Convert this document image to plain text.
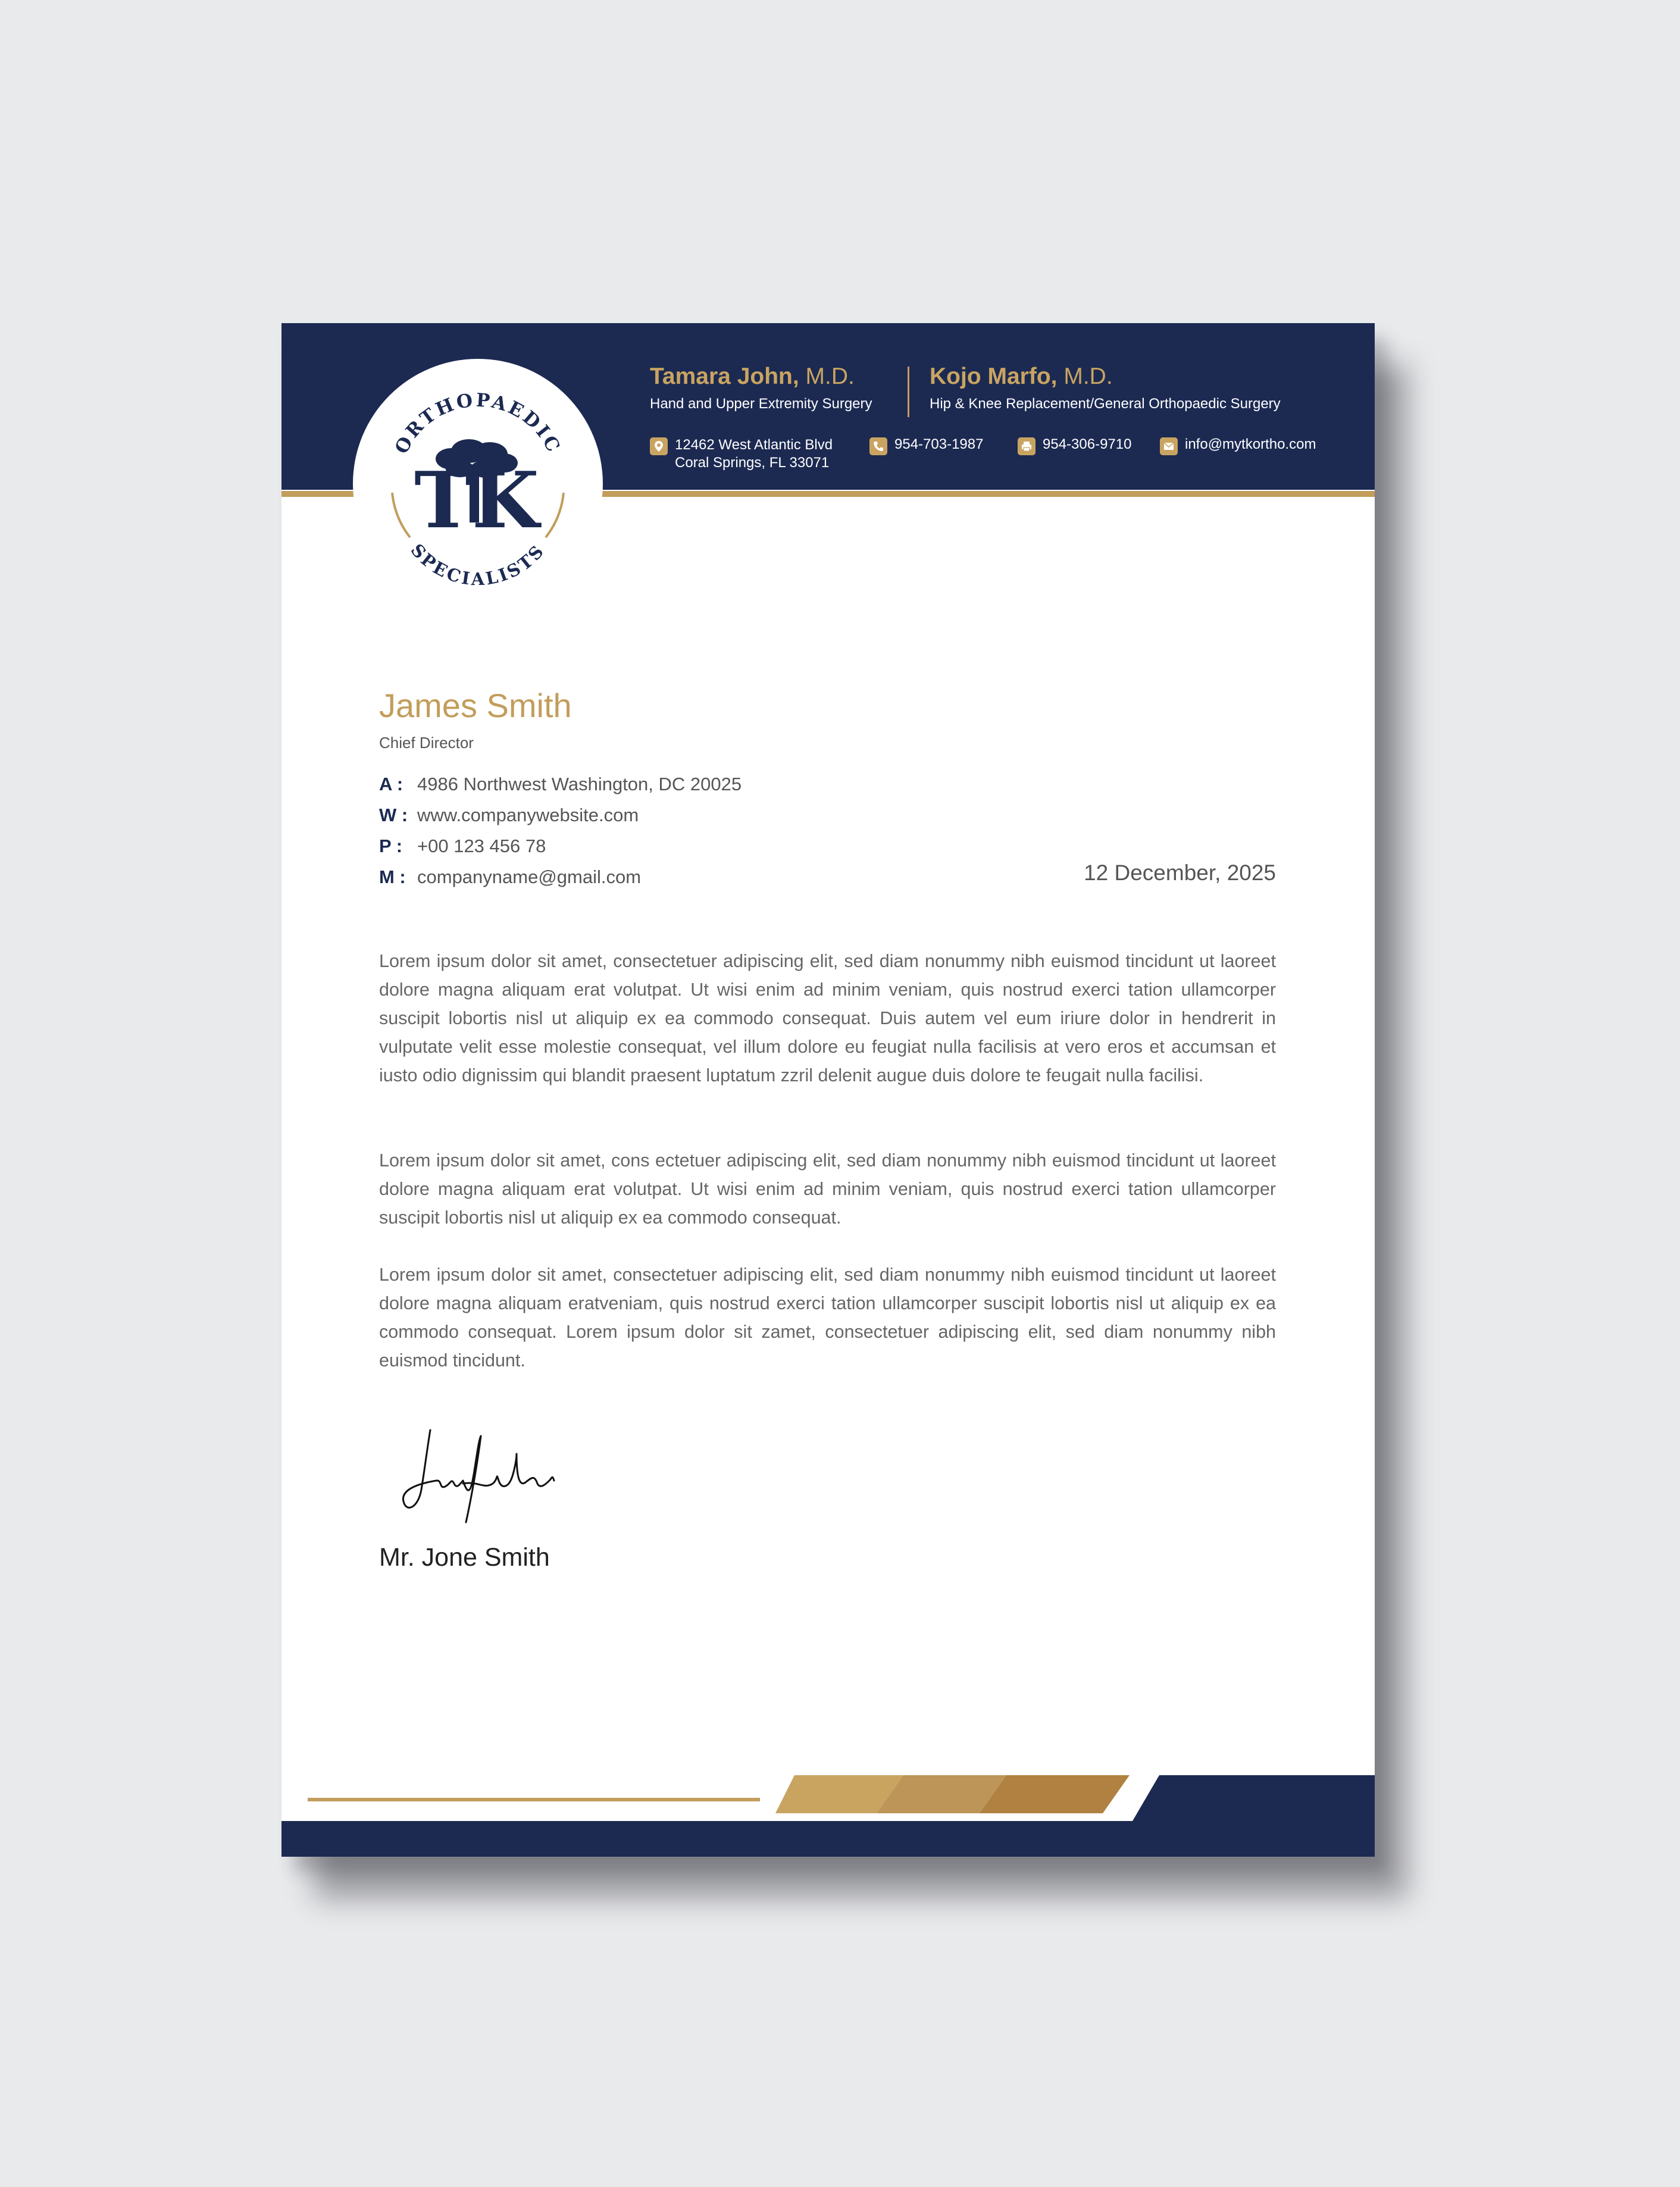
ORTHOPAEDIC
SPECIALISTS
TK
Tamara John, M.D.
Hand and Upper Extremity Surgery
Kojo Marfo, M.D.
Hip & Knee Replacement/General Orthopaedic Surgery
12462 West Atlantic Blvd
Coral Springs, FL 33071
954-703-1987	954-306-9710	info@mytkortho.com
James Smith
Chief Director
A : 4986 Northwest Washington, DC 20025
W : www.companywebsite.com
P : +00 123 456 78
M : companyname@gmail.com	12 December, 2025

Lorem ipsum dolor sit amet, consectetuer adipiscing elit, sed diam nonummy nibh euismod tincidunt ut laoreet dolore magna aliquam erat volutpat. Ut wisi enim ad minim veniam, quis nostrud exerci tation ullamcorper suscipit lobortis nisl ut aliquip ex ea commodo consequat. Duis autem vel eum iriure dolor in hendrerit in vulputate velit esse molestie consequat, vel illum dolore eu feugiat nulla facilisis at vero eros et accumsan et iusto odio dignissim qui blandit praesent luptatum zzril delenit augue duis dolore te feugait nulla facilisi.

Lorem ipsum dolor sit amet, cons ectetuer adipiscing elit, sed diam nonummy nibh euismod tincidunt ut laoreet dolore magna aliquam erat volutpat. Ut wisi enim ad minim veniam, quis nostrud exerci tation ullamcorper suscipit lobortis nisl ut aliquip ex ea commodo consequat.

Lorem ipsum dolor sit amet, consectetuer adipiscing elit, sed diam nonummy nibh euismod tincidunt ut laoreet dolore magna aliquam eratveniam, quis nostrud exerci tation ullamcorper suscipit lobortis nisl ut aliquip ex ea commodo consequat. Lorem ipsum dolor sit zamet, consectetuer adipiscing elit, sed diam nonummy nibh euismod tincidunt.

Mr. Jone Smith
